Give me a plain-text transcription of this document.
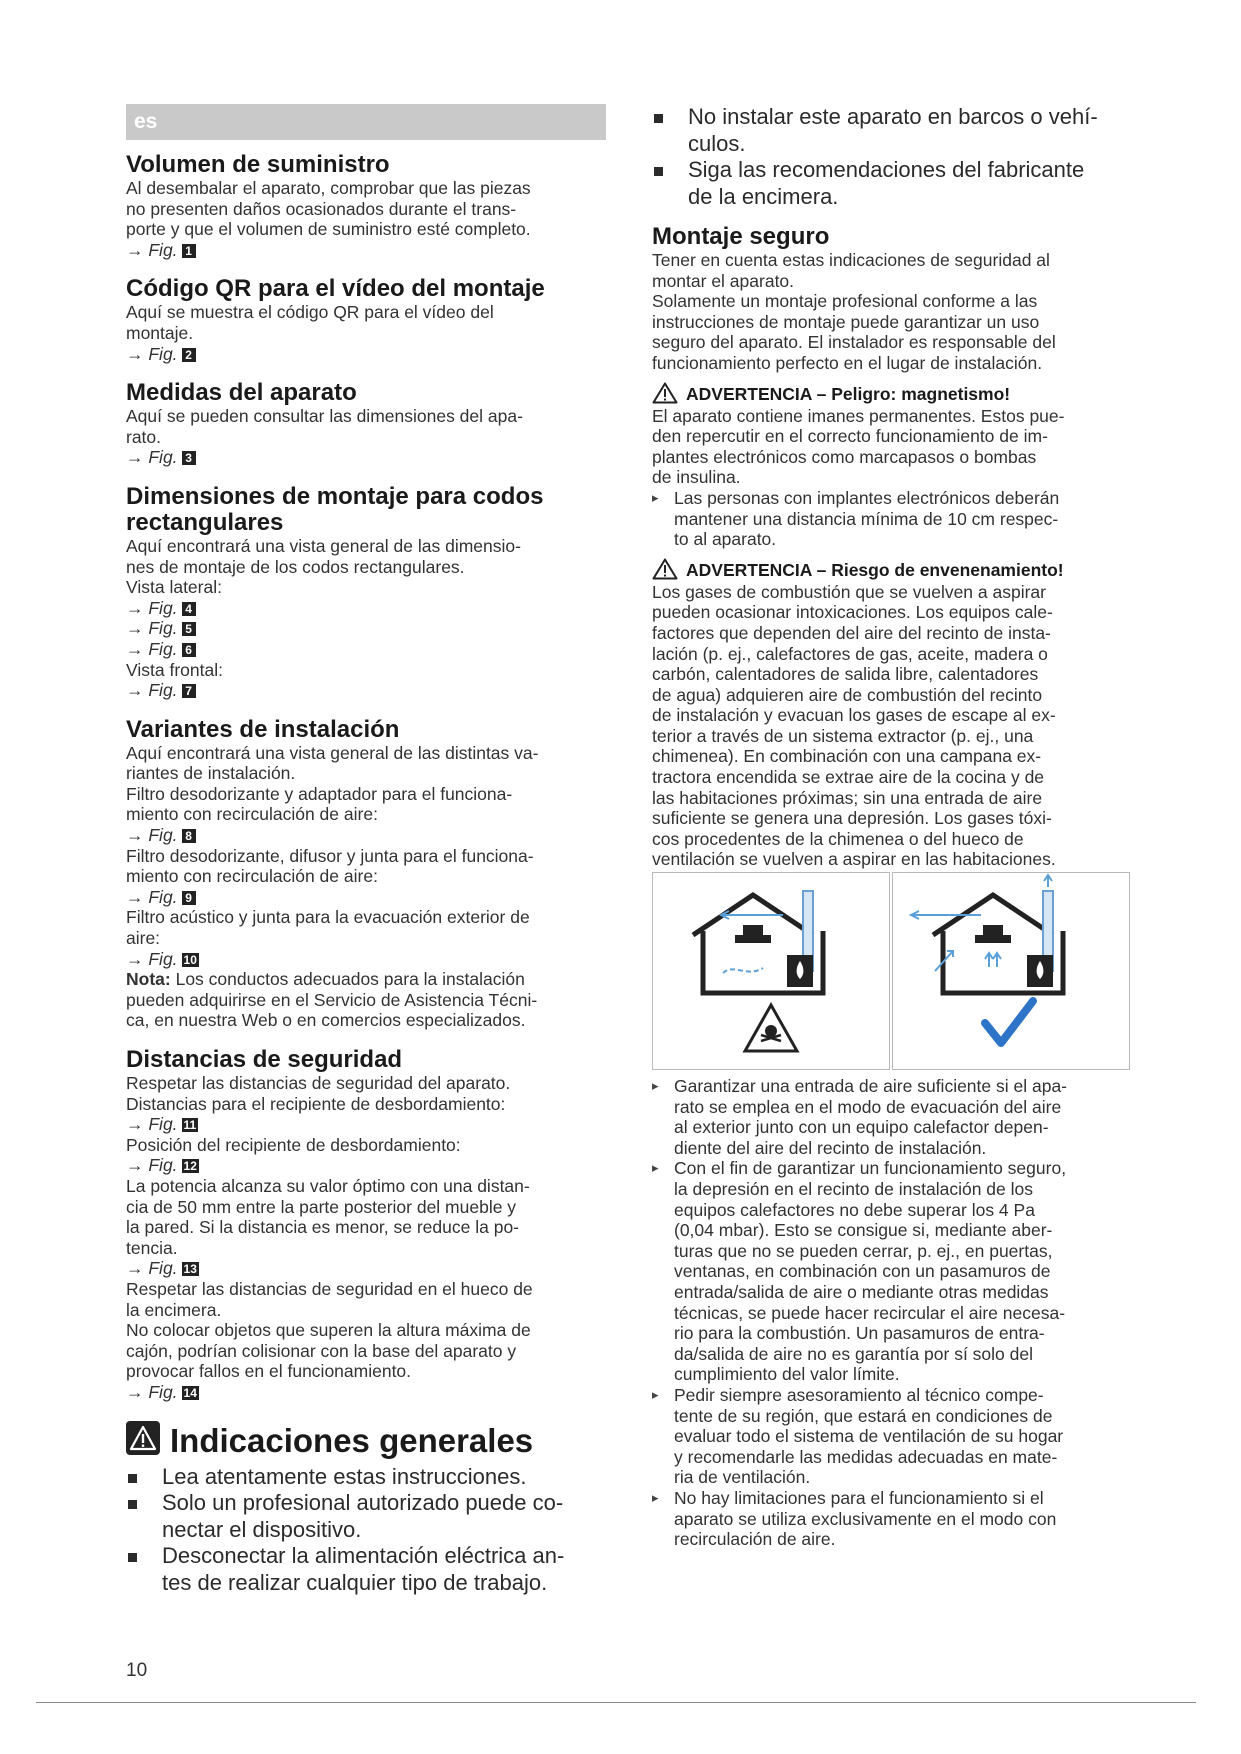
es
Volumen de suministro

Al desembalar el aparato, comprobar que las piezas

no presenten daños ocasionados durante el trans-

porte y que el volumen de suministro esté completo.

→ Fig. 1

Código QR para el vídeo del montaje

Aquí se muestra el código QR para el vídeo del

montaje.

→ Fig. 2

Medidas del aparato

Aquí se pueden consultar las dimensiones del apa-

rato.

→ Fig. 3

Dimensiones de montaje para codos
rectangulares

Aquí encontrará una vista general de las dimensio-

nes de montaje de los codos rectangulares.

Vista lateral:

→ Fig. 4

→ Fig. 5

→ Fig. 6

Vista frontal:

→ Fig. 7

Variantes de instalación

Aquí encontrará una vista general de las distintas va-

riantes de instalación.

Filtro desodorizante y adaptador para el funciona-

miento con recirculación de aire:

→ Fig. 8

Filtro desodorizante, difusor y junta para el funciona-

miento con recirculación de aire:

→ Fig. 9

Filtro acústico y junta para la evacuación exterior de

aire:

→ Fig. 10

Nota: Los conductos adecuados para la instalación

pueden adquirirse en el Servicio de Asistencia Técni-

ca, en nuestra Web o en comercios especializados.

Distancias de seguridad

Respetar las distancias de seguridad del aparato.

Distancias para el recipiente de desbordamiento:

→ Fig. 11

Posición del recipiente de desbordamiento:

→ Fig. 12

La potencia alcanza su valor óptimo con una distan-

cia de 50 mm entre la parte posterior del mueble y

la pared. Si la distancia es menor, se reduce la po-

tencia.

→ Fig. 13

Respetar las distancias de seguridad en el hueco de

la encimera.

No colocar objetos que superen la altura máxima de

cajón, podrían colisionar con la base del aparato y

provocar fallos en el funcionamiento.

→ Fig. 14

Indicaciones generales
Lea atentamente estas instrucciones.
Solo un profesional autorizado puede co-
nectar el dispositivo.
Desconectar la alimentación eléctrica an-
tes de realizar cualquier tipo de trabajo.
No instalar este aparato en barcos o vehí-
culos.
Siga las recomendaciones del fabricante
de la encimera.
Montaje seguro

Tener en cuenta estas indicaciones de seguridad al

montar el aparato.

Solamente un montaje profesional conforme a las

instrucciones de montaje puede garantizar un uso

seguro del aparato. El instalador es responsable del

funcionamiento perfecto en el lugar de instalación.

ADVERTENCIA – Peligro: magnetismo!

El aparato contiene imanes permanentes. Estos pue-

den repercutir en el correcto funcionamiento de im-

plantes electrónicos como marcapasos o bombas

de insulina.

▸ Las personas con implantes electrónicos deberán
mantener una distancia mínima de 10 cm respec-
to al aparato.

ADVERTENCIA – Riesgo de envenenamiento!

Los gases de combustión que se vuelven a aspirar

pueden ocasionar intoxicaciones. Los equipos cale-

factores que dependen del aire del recinto de insta-

lación (p. ej., calefactores de gas, aceite, madera o

carbón, calentadores de salida libre, calentadores

de agua) adquieren aire de combustión del recinto

de instalación y evacuan los gases de escape al ex-

terior a través de un sistema extractor (p. ej., una

chimenea). En combinación con una campana ex-

tractora encendida se extrae aire de la cocina y de

las habitaciones próximas; sin una entrada de aire

suficiente se genera una depresión. Los gases tóxi-

cos procedentes de la chimenea o del hueco de

ventilación se vuelven a aspirar en las habitaciones.

▸ Garantizar una entrada de aire suficiente si el apa-
rato se emplea en el modo de evacuación del aire
al exterior junto con un equipo calefactor depen-
diente del aire del recinto de instalación.
▸ Con el fin de garantizar un funcionamiento seguro,
la depresión en el recinto de instalación de los
equipos calefactores no debe superar los 4 Pa
(0,04 mbar). Esto se consigue si, mediante aber-
turas que no se pueden cerrar, p. ej., en puertas,
ventanas, en combinación con un pasamuros de
entrada/salida de aire o mediante otras medidas
técnicas, se puede hacer recircular el aire necesa-
rio para la combustión. Un pasamuros de entra-
da/salida de aire no es garantía por sí solo del
cumplimiento del valor límite.
▸ Pedir siempre asesoramiento al técnico compe-
tente de su región, que estará en condiciones de
evaluar todo el sistema de ventilación de su hogar
y recomendarle las medidas adecuadas en mate-
ria de ventilación.
▸ No hay limitaciones para el funcionamiento si el
aparato se utiliza exclusivamente en el modo con
recirculación de aire.
10
